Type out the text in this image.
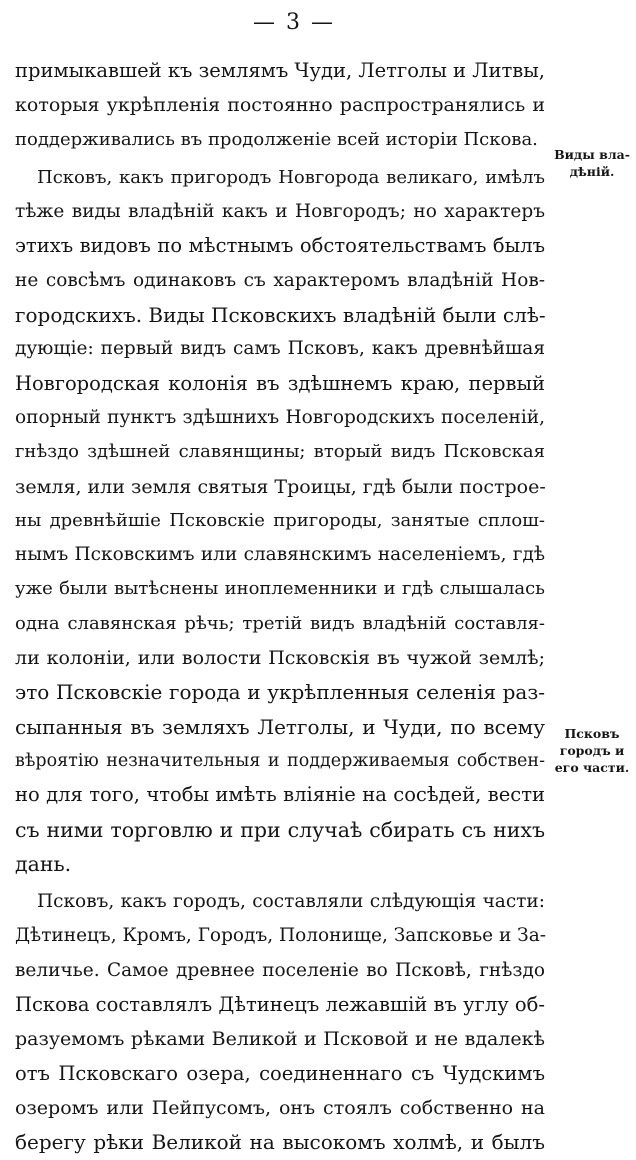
— 3 —
примыкавшей къ землямъ Чуди, Летголы и Литвы,
которыя укрѣпленія постоянно распространялись и
поддерживались въ продолженіе всей исторіи Пскова.
Псковъ, какъ пригородъ Новгорода великаго, имѣлъ
тѣже виды владѣній какъ и Новгородъ; но характеръ
этихъ видовъ по мѣстнымъ обстоятельствамъ былъ
не совсѣмъ одинаковъ съ характеромъ владѣній Нов-
городскихъ. Виды Псковскихъ владѣній были слѣ-
дующіе: первый видъ самъ Псковъ, какъ древнѣйшая
Новгородская колонія въ здѣшнемъ краю, первый
опорный пунктъ здѣшнихъ Новгородскихъ поселеній,
гнѣздо здѣшней славянщины; вторый видъ Псковская
земля, или земля святыя Троицы, гдѣ были построе-
ны древнѣйшіе Псковскіе пригороды, занятые сплош-
нымъ Псковскимъ или славянскимъ населеніемъ, гдѣ
уже были вытѣснены иноплеменники и гдѣ слышалась
одна славянская рѣчь; третій видъ владѣній составля-
ли колоніи, или волости Псковскія въ чужой землѣ;
это Псковскіе города и укрѣпленныя селенія раз-
сыпанныя въ земляхъ Летголы, и Чуди, по всему
вѣроятію незначительныя и поддерживаемыя собствен-
но для того, чтобы имѣть вліяніе на сосѣдей, вести
съ ними торговлю и при случаѣ сбирать съ нихъ
дань.
Псковъ, какъ городъ, составляли слѣдующія части:
Дѣтинецъ, Кромъ, Городъ, Полонище, Запсковье и За-
величье. Самое древнее поселеніе во Псковѣ, гнѣздо
Пскова составлялъ Дѣтинецъ лежавшій въ углу об-
разуемомъ рѣками Великой и Псковой и не вдалекѣ
отъ Псковскаго озера, соединеннаго съ Чудскимъ
озеромъ или Пейпусомъ, онъ стоялъ собственно на
берегу рѣки Великой на высокомъ холмѣ, и былъ
Виды вла-
дѣній.
Псковъ
городъ и
его части.
